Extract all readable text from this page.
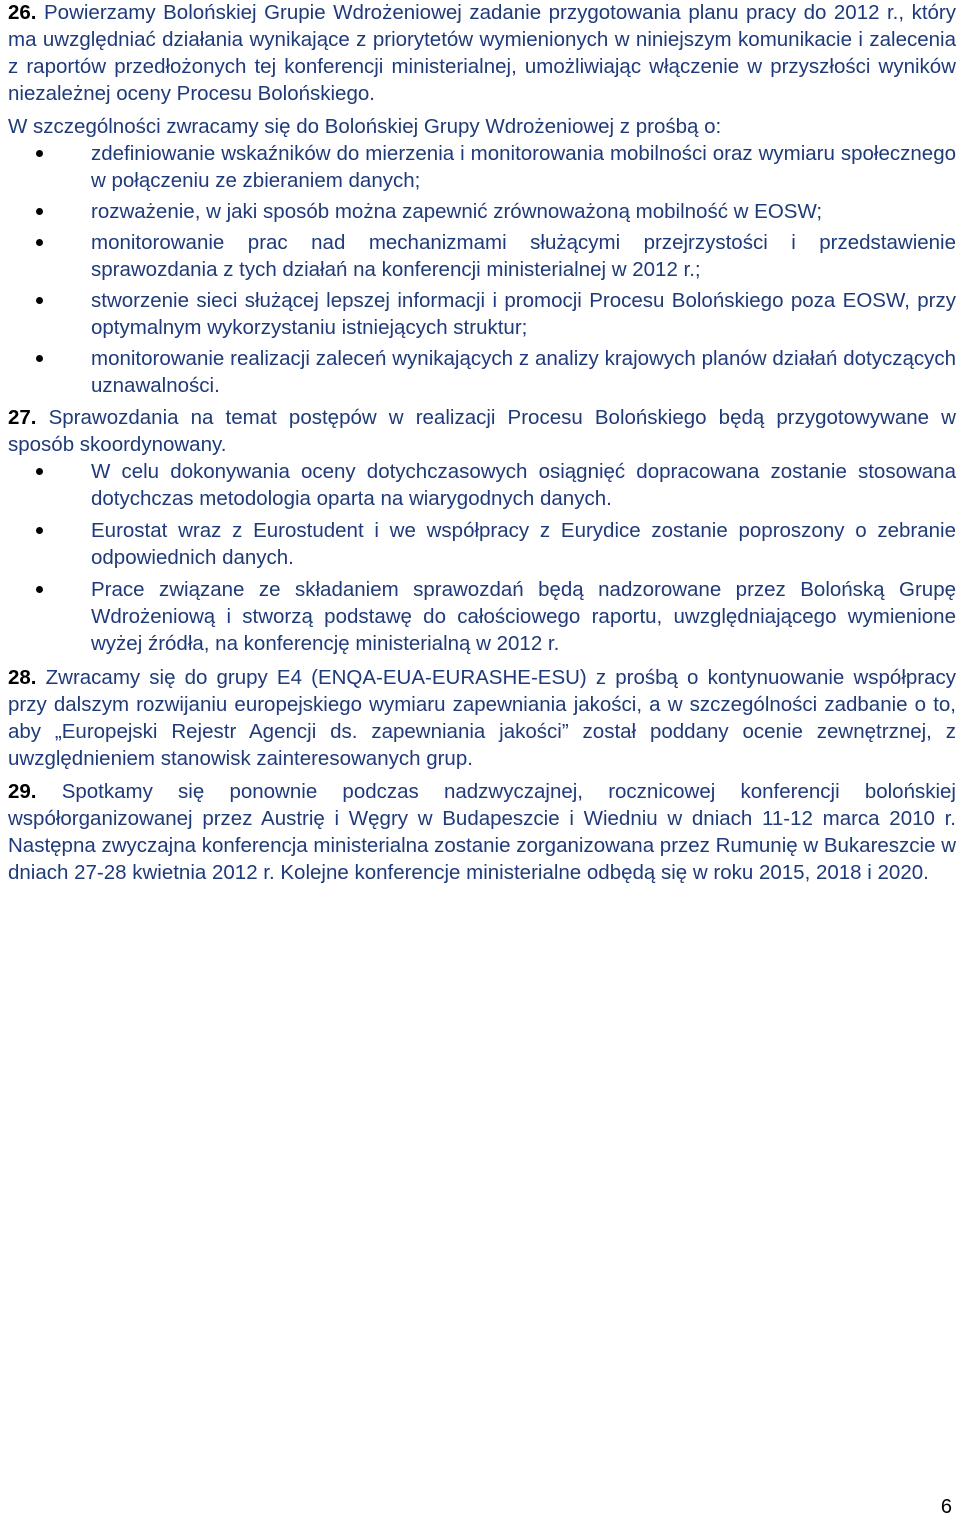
26. Powierzamy Bolońskiej Grupie Wdrożeniowej zadanie przygotowania planu pracy do 2012 r., który ma uwzględniać działania wynikające z priorytetów wymienionych w niniejszym komunikacie i zalecenia z raportów przedłożonych tej konferencji ministerialnej, umożliwiając włączenie w przyszłości wyników niezależnej oceny Procesu Bolońskiego.

W szczególności zwracamy się do Bolońskiej Grupy Wdrożeniowej z prośbą o:

zdefiniowanie wskaźników do mierzenia i monitorowania mobilności oraz wymiaru społecznego w połączeniu ze zbieraniem danych;
rozważenie, w jaki sposób można zapewnić zrównoważoną mobilność w EOSW;
monitorowanie prac nad mechanizmami służącymi przejrzystości i przedstawienie sprawozdania z tych działań na konferencji ministerialnej w 2012 r.;
stworzenie sieci służącej lepszej informacji i promocji Procesu Bolońskiego poza EOSW, przy optymalnym wykorzystaniu istniejących struktur;
monitorowanie realizacji zaleceń wynikających z analizy krajowych planów działań dotyczących uznawalności.

27. Sprawozdania na temat postępów w realizacji Procesu Bolońskiego będą przygotowywane w sposób skoordynowany.

W celu dokonywania oceny dotychczasowych osiągnięć dopracowana zostanie stosowana dotychczas metodologia oparta na wiarygodnych danych.
Eurostat wraz z Eurostudent i we współpracy z Eurydice zostanie poproszony o zebranie odpowiednich danych.
Prace związane ze składaniem sprawozdań będą nadzorowane przez Bolońską Grupę Wdrożeniową i stworzą podstawę do całościowego raportu, uwzględniającego wymienione wyżej źródła, na konferencję ministerialną w 2012 r.

28. Zwracamy się do grupy E4 (ENQA-EUA-EURASHE-ESU) z prośbą o kontynuowanie współpracy przy dalszym rozwijaniu europejskiego wymiaru zapewniania jakości, a w szczególności zadbanie o to, aby „Europejski Rejestr Agencji ds. zapewniania jakości” został poddany ocenie zewnętrznej, z uwzględnieniem stanowisk zainteresowanych grup.

29. Spotkamy się ponownie podczas nadzwyczajnej, rocznicowej konferencji bolońskiej współorganizowanej przez Austrię i Węgry w Budapeszcie i Wiedniu w dniach 11-12 marca 2010 r. Następna zwyczajna konferencja ministerialna zostanie zorganizowana przez Rumunię w Bukareszcie w dniach 27-28 kwietnia 2012 r. Kolejne konferencje ministerialne odbędą się w roku 2015, 2018 i 2020.

6
